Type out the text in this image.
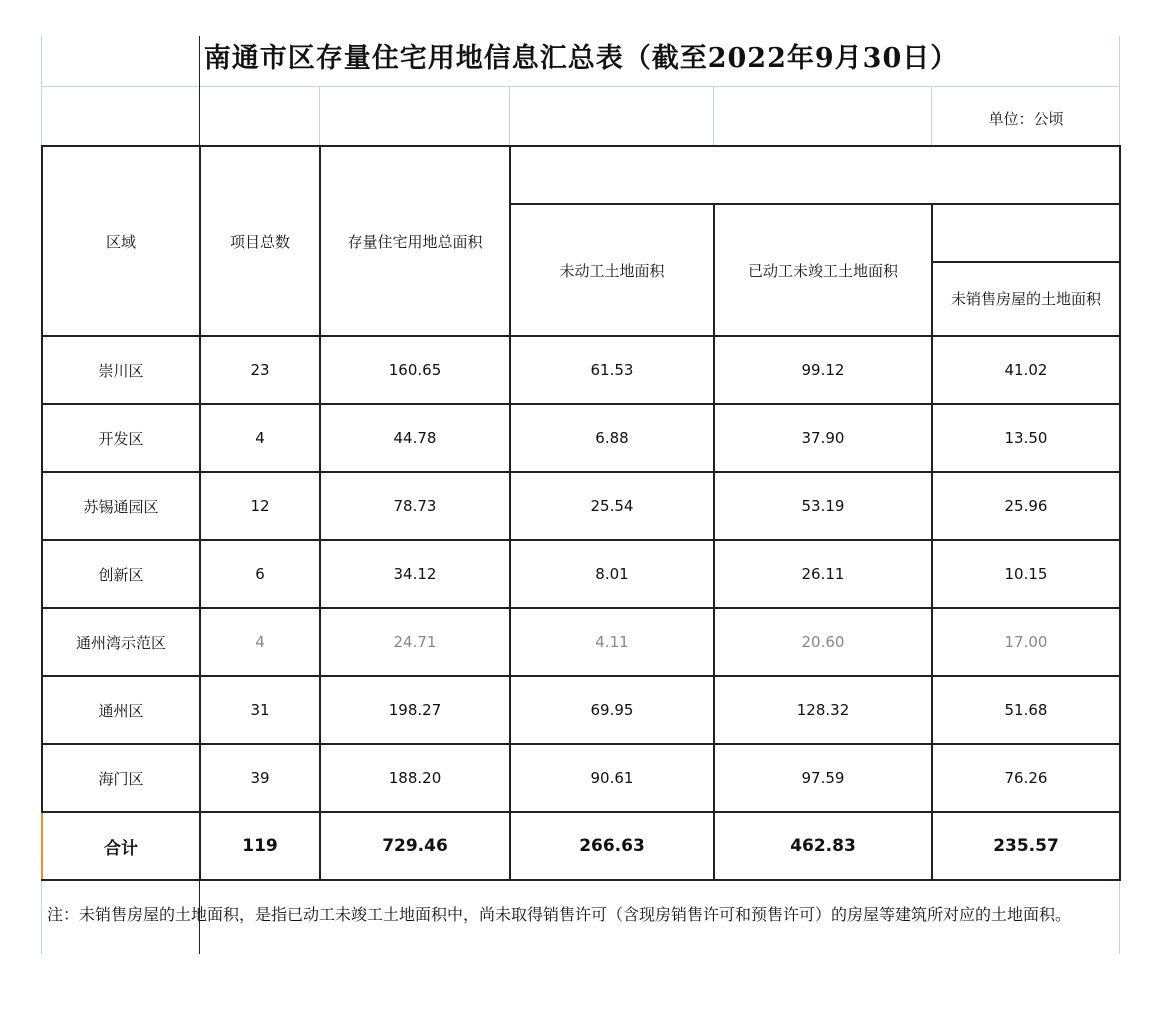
南通市区存量住宅用地信息汇总表（截至2022年9月30日）
单位：公顷
区域	项目总数	存量住宅用地总面积			
			未动工土地面积	已动工未竣工土地面积	
					未销售房屋的土地面积
崇川区	23	160.65	61.53	99.12	41.02
开发区	4	44.78	6.88	37.90	13.50
苏锡通园区	12	78.73	25.54	53.19	25.96
创新区	6	34.12	8.01	26.11	10.15
通州湾示范区	4	24.71	4.11	20.60	17.00
通州区	31	198.27	69.95	128.32	51.68
海门区	39	188.20	90.61	97.59	76.26
合计	119	729.46	266.63	462.83	235.57
注：未销售房屋的土地面积，是指已动工未竣工土地面积中，尚未取得销售许可（含现房销售许可和预售许可）的房屋等建筑所对应的土地面积。
